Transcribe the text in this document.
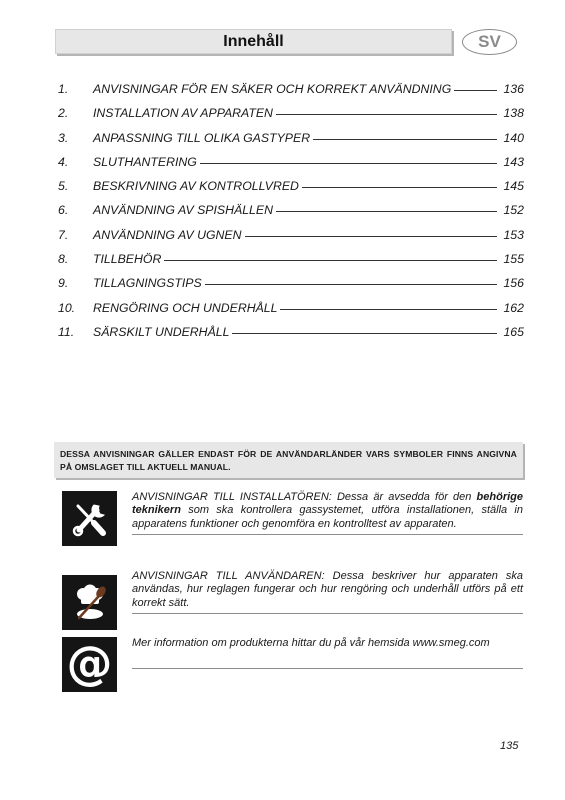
Innehåll	SV
1.	ANVISNINGAR FÖR EN SÄKER OCH KORREKT ANVÄNDNING	136
2.	INSTALLATION AV APPARATEN	138
3.	ANPASSNING TILL OLIKA GASTYPER	140
4.	SLUTHANTERING	143
5.	BESKRIVNING AV KONTROLLVRED	145
6.	ANVÄNDNING AV SPISHÄLLEN	152
7.	ANVÄNDNING AV UGNEN	153
8.	TILLBEHÖR	155
9.	TILLAGNINGSTIPS	156
10.	RENGÖRING OCH UNDERHÅLL	162
11.	SÄRSKILT UNDERHÅLL	165
DESSA ANVISNINGAR GÄLLER ENDAST FÖR DE ANVÄNDARLÄNDER VARS SYMBOLER FINNS ANGIVNA PÅ OMSLAGET TILL AKTUELL MANUAL.
ANVISNINGAR TILL INSTALLATÖREN: Dessa är avsedda för den behörige teknikern som ska kontrollera gassystemet, utföra installationen, ställa in apparatens funktioner och genomföra en kontrolltest av apparaten.
ANVISNINGAR TILL ANVÄNDAREN: Dessa beskriver hur apparaten ska användas, hur reglagen fungerar och hur rengöring och underhåll utförs på ett korrekt sätt.
@ Mer information om produkterna hittar du på vår hemsida www.smeg.com
135
